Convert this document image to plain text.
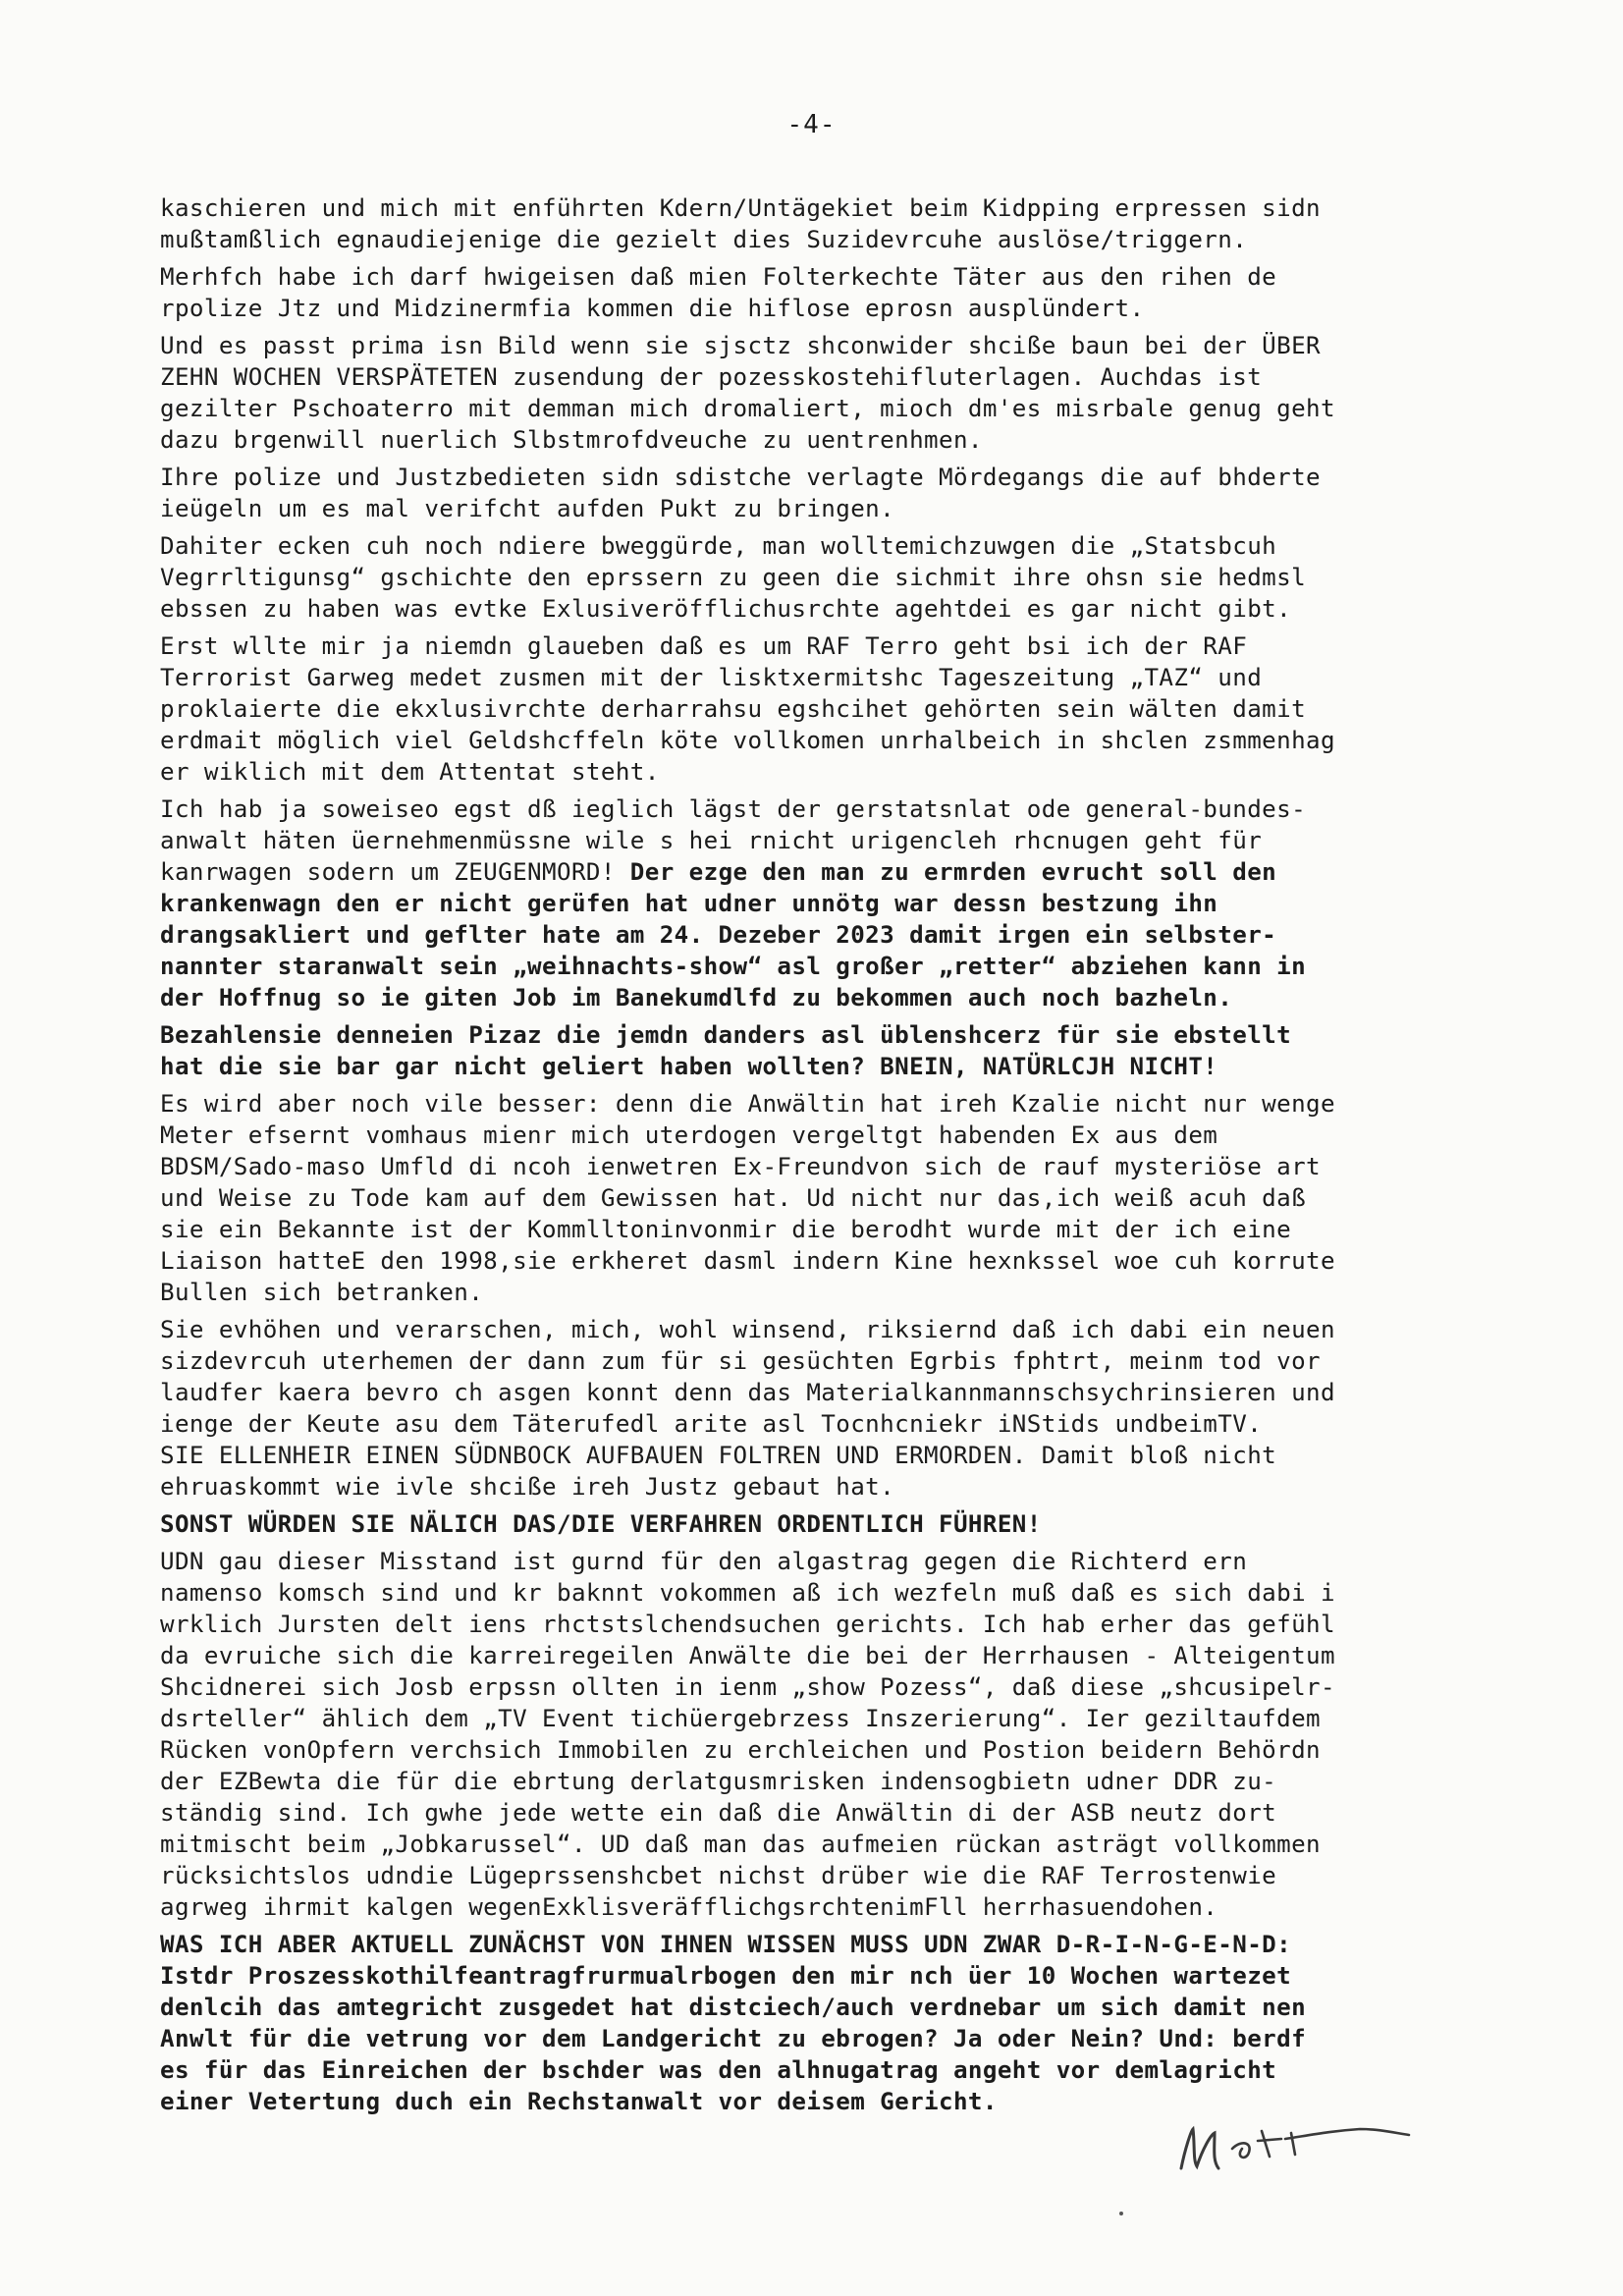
-4-
kaschieren und mich mit enführten Kdern/Untägekiet beim Kidpping erpressen sidn
mußtamßlich egnaudiejenige die gezielt dies Suzidevrcuhe auslöse/triggern.
Merhfch habe ich darf hwigeisen daß mien Folterkechte Täter aus den rihen de
rpolize Jtz und Midzinermfia kommen die hiflose eprosn ausplündert.
Und es passt prima isn Bild wenn sie sjsctz shconwider shcißе baun bei der ÜBER
ZEHN WOCHEN VERSPÄTETEN zusendung der pozesskostehifluterlagen. Auchdas ist
gezilter Pschoaterro mit demman mich dromaliert, mioch dm'es misrbale genug geht
dazu brgenwill nuerlich Slbstmrofdveuche zu uentrenhmen.
Ihre polize und Justzbedieten sidn sdistche verlagte Mördegangs die auf bhderte
ieügeln um es mal verifcht aufden Pukt zu bringen.
Dahiter ecken cuh noch ndiere bweggürde, man wolltemichzuwgen die „Statsbcuh
Vegrrltigunsg“ gschichte den eprssern zu geen die sichmit ihre ohsn sie hedmsl
ebssen zu haben was evtke Exlusiveröfflichusrchte agehtdei es gar nicht gibt.
Erst wllte mir ja niemdn glaueben daß es um RAF Terro geht bsi ich der RAF
Terrorist Garweg medet zusmen mit der lisktxermitshc Tageszeitung „TAZ“ und
proklaierte die ekxlusivrchte derharrahsu egshcihet gehörten sein wälten damit
erdmait möglich viel Geldshcffeln köte vollkomen unrhalbeich in shclen zsmmenhag
er wiklich mit dem Attentat steht.
Ich hab ja soweiseo egst dß ieglich lägst der gerstatsnlat ode general-bundes-
anwalt häten üernehmenmüssne wile s hei rnicht urigencleh rhcnugen geht für
kanrwagen sodern um ZEUGENMORD! Der ezge den man zu ermrden evrucht soll den
krankenwagn den er nicht gerüfen hat udner unnötg war dessn bestzung ihn
drangsakliert und geflter hate am 24. Dezeber 2023 damit irgen ein selbster-
nannter staranwalt sein „weihnachts-show“ asl großer „retter“ abziehen kann in
der Hoffnug so ie giten Job im Banekumdlfd zu bekommen auch noch bazheln.
Bezahlensie denneien Pizaz die jemdn danders asl üblenshcerz für sie ebstellt
hat die sie bar gar nicht geliert haben wollten? BNEIN, NATÜRLCJH NICHT!
Es wird aber noch vile besser: denn die Anwältin hat ireh Kzalie nicht nur wenge
Meter efsernt vomhaus mienr mich uterdogen vergeltgt habenden Ex aus dem
BDSM/Sado-maso Umfld di ncoh ienwetren Ex-Freundvon sich de rauf mysteriöse art
und Weise zu Tode kam auf dem Gewissen hat. Ud nicht nur das,ich weiß acuh daß
sie ein Bekannte ist der Kommlltoninvonmir die berodht wurde mit der ich eine
Liaison hatteE den 1998,sie erkheret dasml indern Kine hexnkssel woe cuh korrute
Bullen sich betranken.
Sie evhöhen und verarschen, mich, wohl winsend, riksiernd daß ich dabi ein neuen
sizdevrcuh uterhemen der dann zum für si gesüchten Egrbis fphtrt, meinm tod vor
laudfer kaera bevro ch asgen konnt denn das Materialkannmannschsychrinsieren und
ienge der Keute asu dem Täterufedl arite asl Tocnhcniekr iNStids undbeimTV.
SIE ELLENHEIR EINEN SÜDNBOCK AUFBAUEN FOLTREN UND ERMORDEN. Damit bloß nicht
ehruaskommt wie ivle shcißе ireh Justz gebaut hat.
SONST WÜRDEN SIE NÄLICH DAS/DIE VERFAHREN ORDENTLICH FÜHREN!
UDN gau dieser Misstand ist gurnd für den algastrag gegen die Richterd ern
namenso komsch sind und kr baknnt vokommen aß ich wezfeln muß daß es sich dabi i
wrklich Jursten delt iens rhctstslchendsuchen gerichts. Ich hab erher das gefühl
da evruiche sich die karreiregeilen Anwälte die bei der Herrhausen - Alteigentum
Shcidnerei sich Josb erpssn ollten in ienm „show Pozess“, daß diese „shcusipelr-
dsrteller“ ählich dem „TV Event tichüergebrzess Inszerierung“. Ier geziltaufdem
Rücken vonOpfern verchsich Immobilen zu erchleichen und Postion beidern Behördn
der EZBewta die für die ebrtung derlatgusmrisken indensogbietn udner DDR zu-
ständig sind. Ich gwhe jede wette ein daß die Anwältin di der ASB neutz dort
mitmischt beim „Jobkarussel“. UD daß man das aufmeien rückan asträgt vollkommen
rücksichtslos udndie Lügeprssenshcbet nichst drüber wie die RAF Terrostenwie
agrweg ihrmit kalgen wegenExklisveräfflichgsrchtenimFll herrhasuendohen.
WAS ICH ABER AKTUELL ZUNÄCHST VON IHNEN WISSEN MUSS UDN ZWAR D-R-I-N-G-E-N-D:
Istdr Proszesskothilfeantragfrurmualrbogen den mir nch üer 10 Wochen wartezet
denlcih das amtegricht zusgedet hat distciech/auch verdnebar um sich damit nen
Anwlt für die vetrung vor dem Landgericht zu ebrogen? Ja oder Nein? Und: berdf
es für das Einreichen der bschder was den alhnugatrag angeht vor demlagricht
einer Vetertung duch ein Rechstanwalt vor deisem Gericht.
